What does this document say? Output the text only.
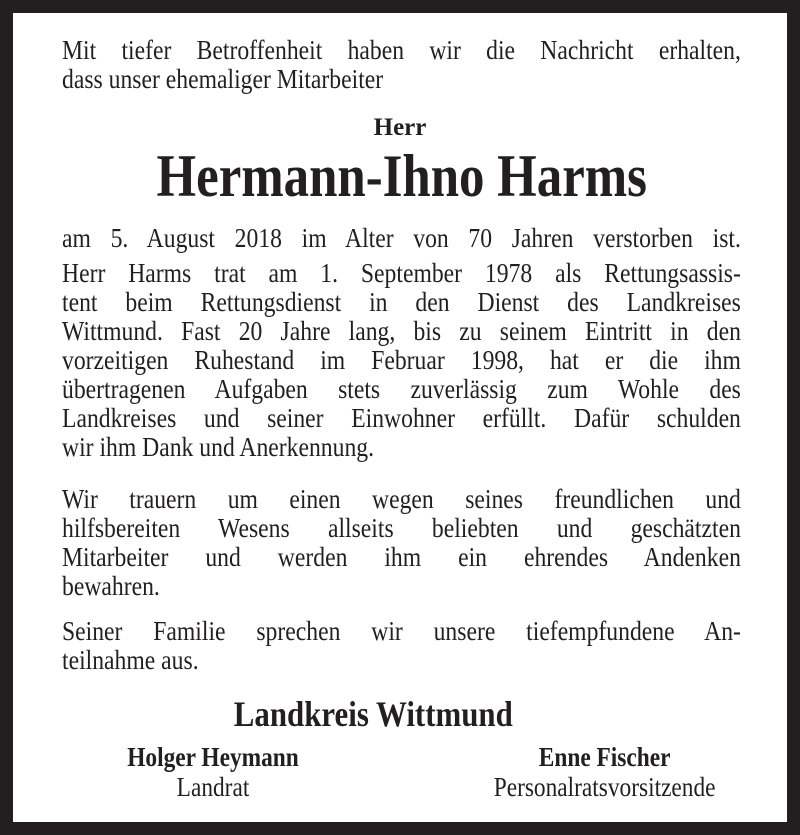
Mit tiefer Betroffenheit haben wir die Nachricht erhalten,
dass unser ehemaliger Mitarbeiter
Herr
Hermann-Ihno Harms
am 5. August 2018 im Alter von 70 Jahren verstorben ist.
Herr Harms trat am 1. September 1978 als Rettungsassis-
tent beim Rettungsdienst in den Dienst des Landkreises
Wittmund. Fast 20 Jahre lang, bis zu seinem Eintritt in den
vorzeitigen Ruhestand im Februar 1998, hat er die ihm
übertragenen Aufgaben stets zuverlässig zum Wohle des
Landkreises und seiner Einwohner erfüllt. Dafür schulden
wir ihm Dank und Anerkennung.
Wir trauern um einen wegen seines freundlichen und
hilfsbereiten Wesens allseits beliebten und geschätzten
Mitarbeiter und werden ihm ein ehrendes Andenken
bewahren.
Seiner Familie sprechen wir unsere tiefempfundene An-
teilnahme aus.
Landkreis Wittmund
Holger Heymann
Landrat
Enne Fischer
Personalratsvorsitzende
